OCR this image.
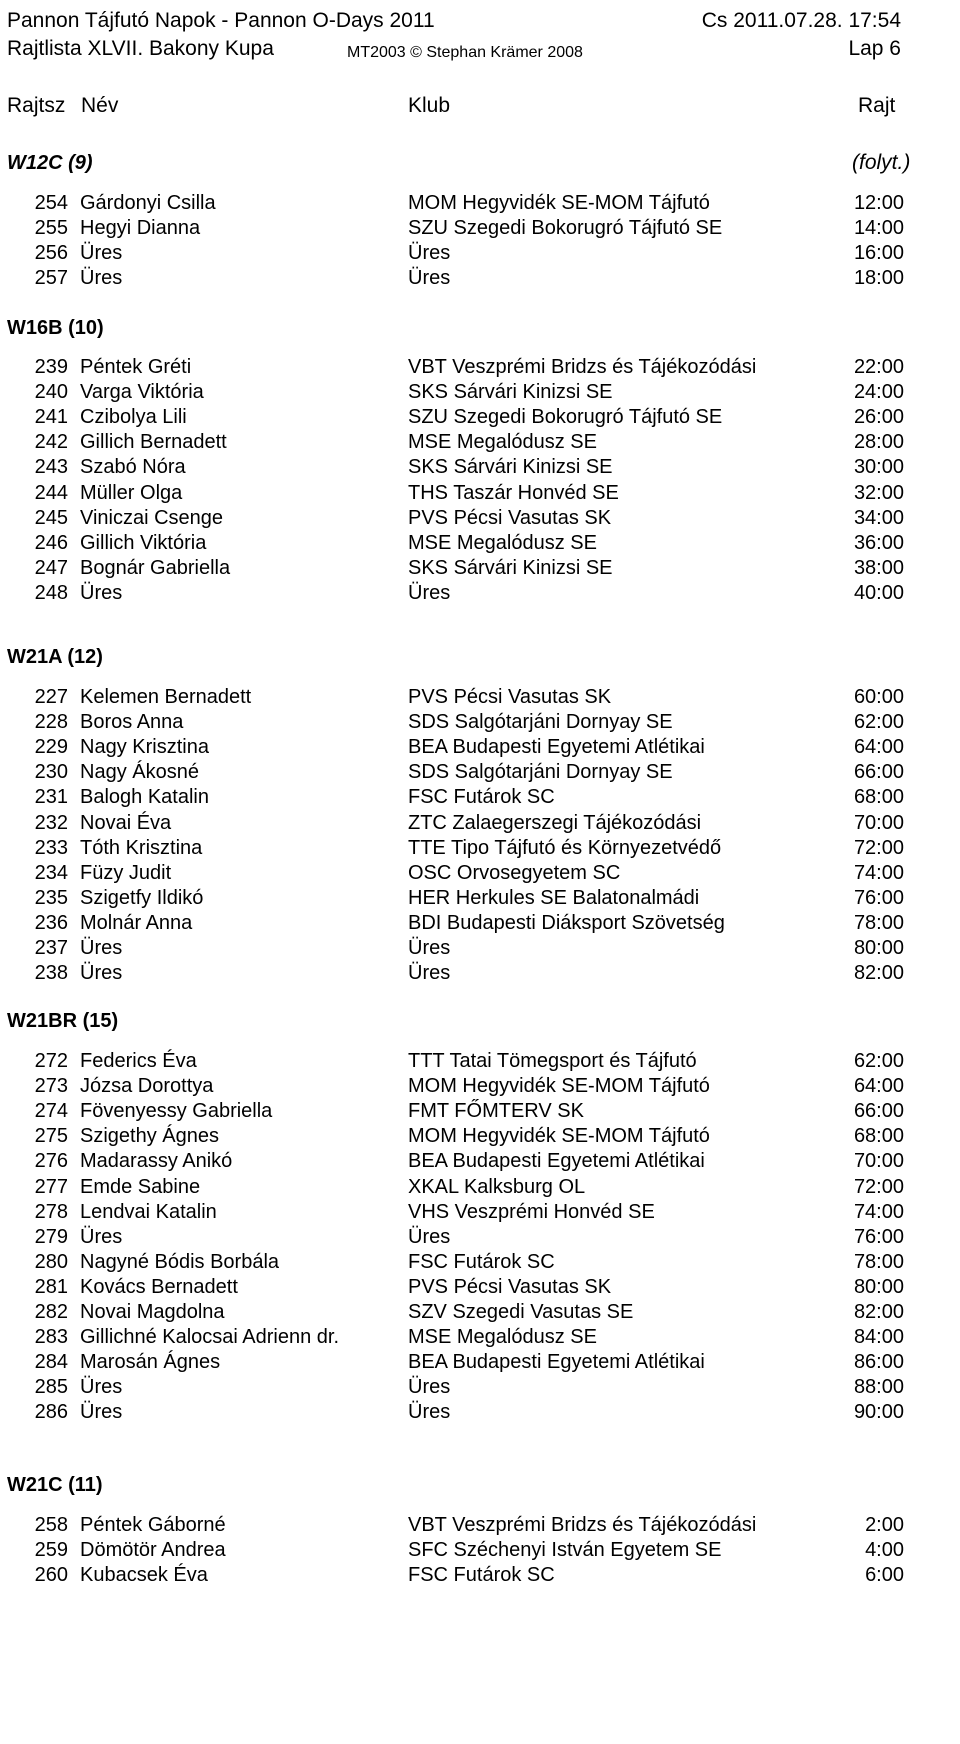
Pannon Tájfutó Napok - Pannon O-Days 2011	Cs 2011.07.28. 17:54
Rajtlista XLVII. Bakony Kupa	MT2003 © Stephan Krämer 2008	Lap 6
Rajtsz Név	Klub	Rajt
(folyt.)
W12C (9)
254 Gárdonyi Csilla	MOM Hegyvidék SE-MOM Tájfutó	12:00
255 Hegyi Dianna	SZU Szegedi Bokorugró Tájfutó SE	14:00
256 Üres	Üres	16:00
257 Üres	Üres	18:00
W16B (10)
239 Péntek Gréti	VBT Veszprémi Bridzs és Tájékozódási	22:00
240 Varga Viktória	SKS Sárvári Kinizsi SE	24:00
241 Czibolya Lili	SZU Szegedi Bokorugró Tájfutó SE	26:00
242 Gillich Bernadett	MSE Megalódusz SE	28:00
243 Szabó Nóra	SKS Sárvári Kinizsi SE	30:00
244 Müller Olga	THS Taszár Honvéd SE	32:00
245 Viniczai Csenge	PVS Pécsi Vasutas SK	34:00
246 Gillich Viktória	MSE Megalódusz SE	36:00
247 Bognár Gabriella	SKS Sárvári Kinizsi SE	38:00
248 Üres	Üres	40:00
W21A (12)
227 Kelemen Bernadett	PVS Pécsi Vasutas SK	60:00
228 Boros Anna	SDS Salgótarjáni Dornyay SE	62:00
229 Nagy Krisztina	BEA Budapesti Egyetemi Atlétikai	64:00
230 Nagy Ákosné	SDS Salgótarjáni Dornyay SE	66:00
231 Balogh Katalin	FSC Futárok SC	68:00
232 Novai Éva	ZTC Zalaegerszegi Tájékozódási	70:00
233 Tóth Krisztina	TTE Tipo Tájfutó és Környezetvédő	72:00
234 Füzy Judit	OSC Orvosegyetem SC	74:00
235 Szigetfy Ildikó	HER Herkules SE Balatonalmádi	76:00
236 Molnár Anna	BDI Budapesti Diáksport Szövetség	78:00
237 Üres	Üres	80:00
238 Üres	Üres	82:00
W21BR (15)
272 Federics Éva	TTT Tatai Tömegsport és Tájfutó	62:00
273 Józsa Dorottya	MOM Hegyvidék SE-MOM Tájfutó	64:00
274 Fövenyessy Gabriella	FMT FŐMTERV SK	66:00
275 Szigethy Ágnes	MOM Hegyvidék SE-MOM Tájfutó	68:00
276 Madarassy Anikó	BEA Budapesti Egyetemi Atlétikai	70:00
277 Emde Sabine	XKAL Kalksburg OL	72:00
278 Lendvai Katalin	VHS Veszprémi Honvéd SE	74:00
279 Üres	Üres	76:00
280 Nagyné Bódis Borbála	FSC Futárok SC	78:00
281 Kovács Bernadett	PVS Pécsi Vasutas SK	80:00
282 Novai Magdolna	SZV Szegedi Vasutas SE	82:00
283 Gillichné Kalocsai Adrienn dr.	MSE Megalódusz SE	84:00
284 Marosán Ágnes	BEA Budapesti Egyetemi Atlétikai	86:00
285 Üres	Üres	88:00
286 Üres	Üres	90:00
W21C (11)
258 Péntek Gáborné	VBT Veszprémi Bridzs és Tájékozódási	2:00
259 Dömötör Andrea	SFC Széchenyi István Egyetem SE	4:00
260 Kubacsek Éva	FSC Futárok SC	6:00
